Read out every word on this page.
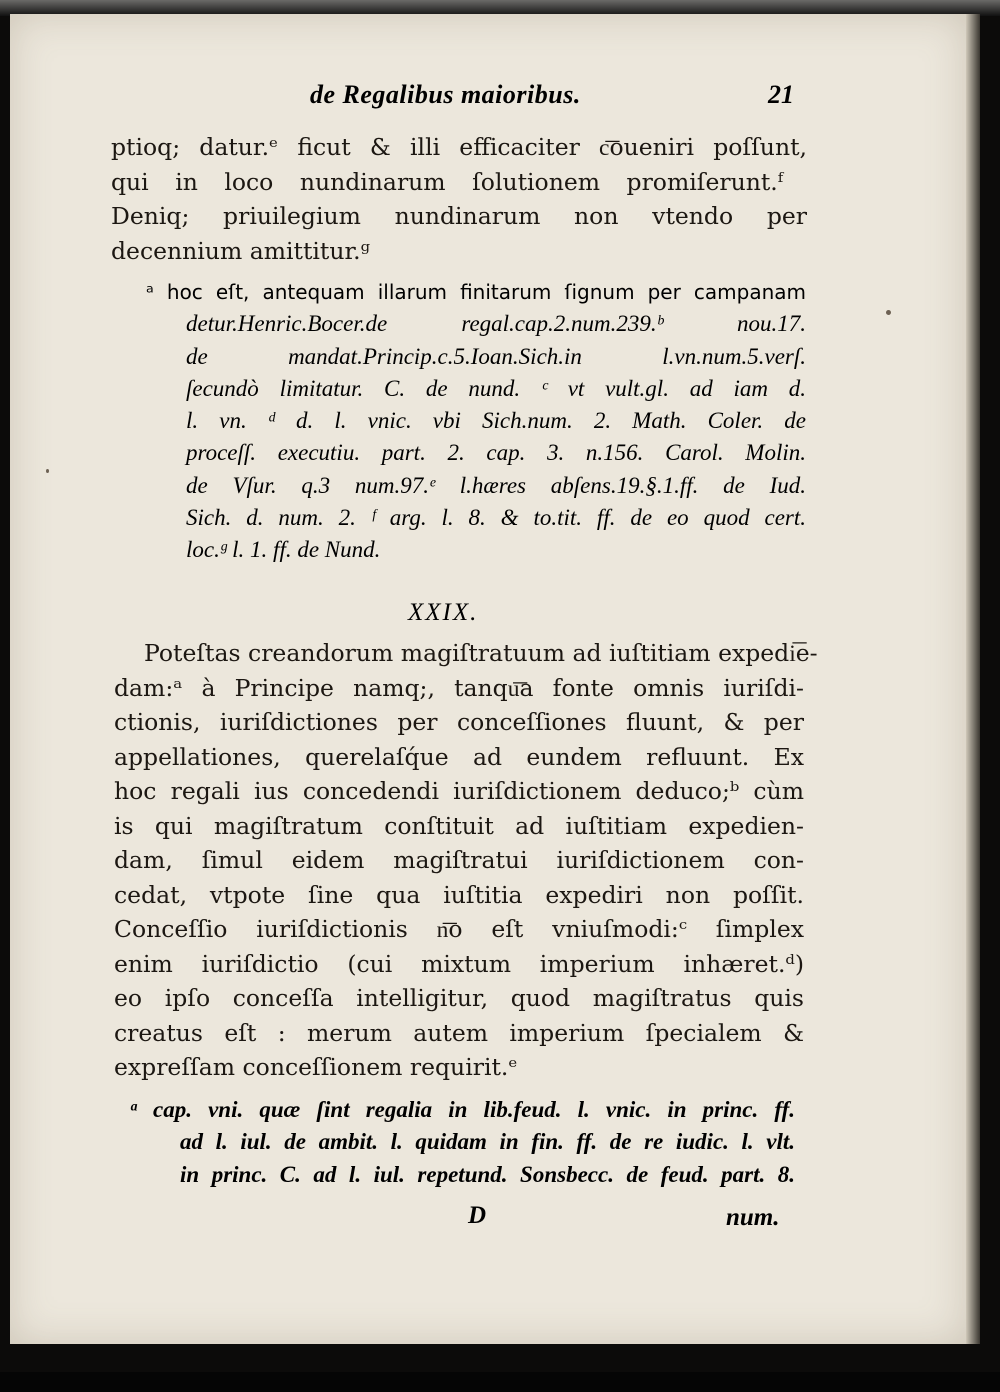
de Regalibus maioribus.	21
ptioq; datur.ᵉ ficut & illi efficaciter c͞oueniri poſſunt,
qui in loco nundinarum ſolutionem promiſerunt.ᶠ
Deniq; priuilegium nundinarum non vtendo per
decennium amittitur.ᵍ
ᵃ hoc eſt, antequam illarum finitarum ſignum per campanam
detur.Henric.Bocer.de regal.cap.2.num.239.ᵇ nou.17.
de mandat.Princip.c.5.Ioan.Sich.in l.vn.num.5.verſ.
ſecundò limitatur. C. de nund. ᶜ vt vult.gl. ad iam d.
l. vn. ᵈ d. l. vnic. vbi Sich.num. 2. Math. Coler. de
proceſſ. executiu. part. 2. cap. 3. n.156. Carol. Molin.
de Vſur. q.3 num.97.ᵉ l.hæres abſens.19.§.1.ff. de Iud.
Sich. d. num. 2. ᶠ arg. l. 8. & to.tit. ff. de eo quod cert.
loc.ᵍ l. 1. ff. de Nund.
XXIX.
Poteſtas creandorum magiſtratuum ad iuſtitiam expedi͞e-
dam:ᵃ à Principe namq;, tanqu͞a fonte omnis iuriſdi-
ctionis, iuriſdictiones per conceſſiones fluunt, & per
appellationes, querelaſq́ue ad eundem refluunt. Ex
hoc regali ius concedendi iuriſdictionem deduco;ᵇ cùm
is qui magiſtratum conſtituit ad iuſtitiam expedien-
dam, ſimul eidem magiſtratui iuriſdictionem con-
cedat, vtpote ſine qua iuſtitia expediri non poſſit.
Conceſſio iuriſdictionis n͞o eſt vniuſmodi:ᶜ ſimplex
enim iuriſdictio (cui mixtum imperium inhæret.ᵈ)
eo ipſo conceſſa intelligitur, quod magiſtratus quis
creatus eſt : merum autem imperium ſpecialem &
expreſſam conceſſionem requirit.ᵉ
ᵃ cap. vni. quæ ſint regalia in lib.feud. l. vnic. in princ. ff.
ad l. iul. de ambit. l. quidam in fin. ff. de re iudic. l. vlt.
in princ. C. ad l. iul. repetund. Sonsbecc. de feud. part. 8.
D	num.
